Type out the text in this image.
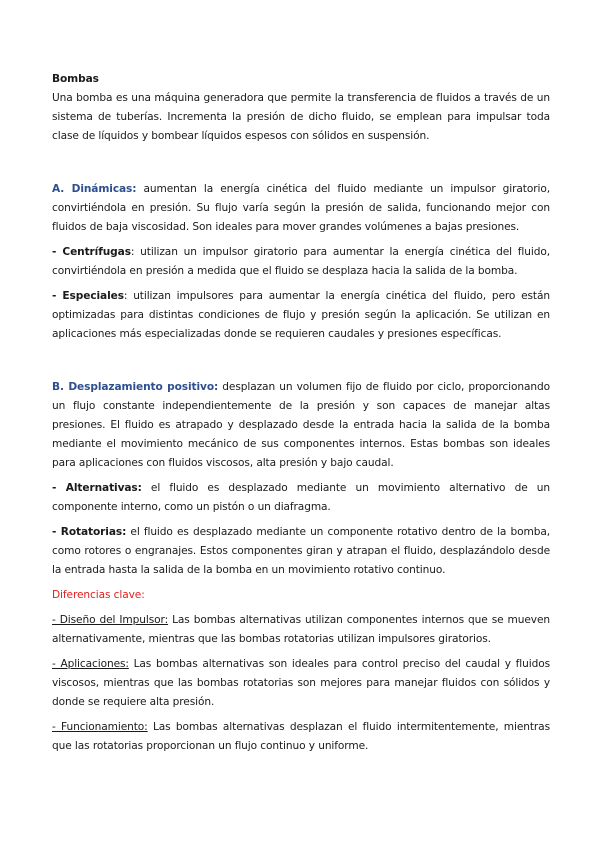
Bombas

Una bomba es una máquina generadora que permite la transferencia de fluidos a través de un sistema de tuberías. Incrementa la presión de dicho fluido, se emplean para impulsar toda clase de líquidos y bombear líquidos espesos con sólidos en suspensión.

A. Dinámicas: aumentan la energía cinética del fluido mediante un impulsor giratorio, convirtiéndola en presión. Su flujo varía según la presión de salida, funcionando mejor con fluidos de baja viscosidad. Son ideales para mover grandes volúmenes a bajas presiones.

- Centrífugas: utilizan un impulsor giratorio para aumentar la energía cinética del fluido, convirtiéndola en presión a medida que el fluido se desplaza hacia la salida de la bomba.

- Especiales: utilizan impulsores para aumentar la energía cinética del fluido, pero están optimizadas para distintas condiciones de flujo y presión según la aplicación. Se utilizan en aplicaciones más especializadas donde se requieren caudales y presiones específicas.

B. Desplazamiento positivo: desplazan un volumen fijo de fluido por ciclo, proporcionando un flujo constante independientemente de la presión y son capaces de manejar altas presiones. El fluido es atrapado y desplazado desde la entrada hacia la salida de la bomba mediante el movimiento mecánico de sus componentes internos. Estas bombas son ideales para aplicaciones con fluidos viscosos, alta presión y bajo caudal.

- Alternativas: el fluido es desplazado mediante un movimiento alternativo de un componente interno, como un pistón o un diafragma.

- Rotatorias: el fluido es desplazado mediante un componente rotativo dentro de la bomba, como rotores o engranajes. Estos componentes giran y atrapan el fluido, desplazándolo desde la entrada hasta la salida de la bomba en un movimiento rotativo continuo.

Diferencias clave:

- Diseño del Impulsor: Las bombas alternativas utilizan componentes internos que se mueven alternativamente, mientras que las bombas rotatorias utilizan impulsores giratorios.

- Aplicaciones: Las bombas alternativas son ideales para control preciso del caudal y fluidos viscosos, mientras que las bombas rotatorias son mejores para manejar fluidos con sólidos y donde se requiere alta presión.

- Funcionamiento: Las bombas alternativas desplazan el fluido intermitentemente, mientras que las rotatorias proporcionan un flujo continuo y uniforme.
